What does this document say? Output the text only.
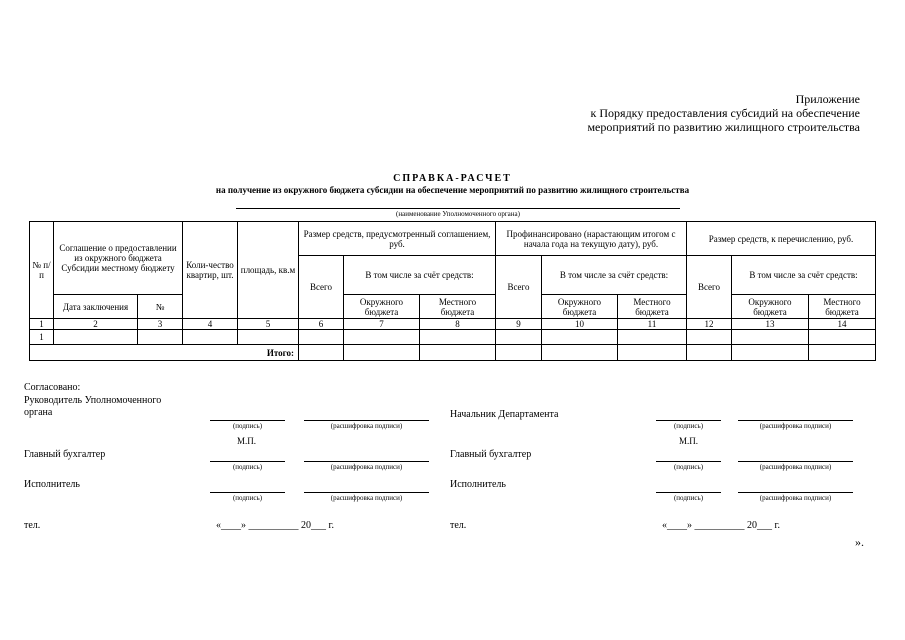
Приложение
к Порядку предоставления субсидий на обеспечение
мероприятий по развитию жилищного строительства
СПРАВКА-РАСЧЕТ
на получение из окружного бюджета субсидии на обеспечение мероприятий по развитию жилищного строительства
(наименование Уполномоченного органа)
№ п/п	Соглашение о предоставлении из окружного бюджета Субсидии местному бюджету		Коли-чество квартир, шт.	площадь, кв.м	Размер средств, предусмотренный соглашением, руб.			Профинансировано (нарастающим итогом с начала года на текущую дату), руб.			Размер средств, к перечислению, руб.		
					Всего	В том числе за счёт средств:		Всего	В том числе за счёт средств:		Всего	В том числе за счёт средств:	
	Дата заключения	№				Окружного бюджета	Местного бюджета		Окружного бюджета	Местного бюджета		Окружного бюджета	Местного бюджета
1	2	3	4	5	6	7	8	9	10	11	12	13	14
1													
Итого:													
Согласовано:
Руководитель Уполномоченного
органа
(подпись)	(расшифровка подписи)
М.П.
Главный бухгалтер
(подпись)	(расшифровка подписи)
Исполнитель
(подпись)	(расшифровка подписи)
тел.	«____» __________ 20___ г.
Начальник Департамента
(подпись)	(расшифровка подписи)
М.П.
Главный бухгалтер
(подпись)	(расшифровка подписи)
Исполнитель
(подпись)	(расшифровка подписи)
тел.	«____» __________ 20___ г.
».
